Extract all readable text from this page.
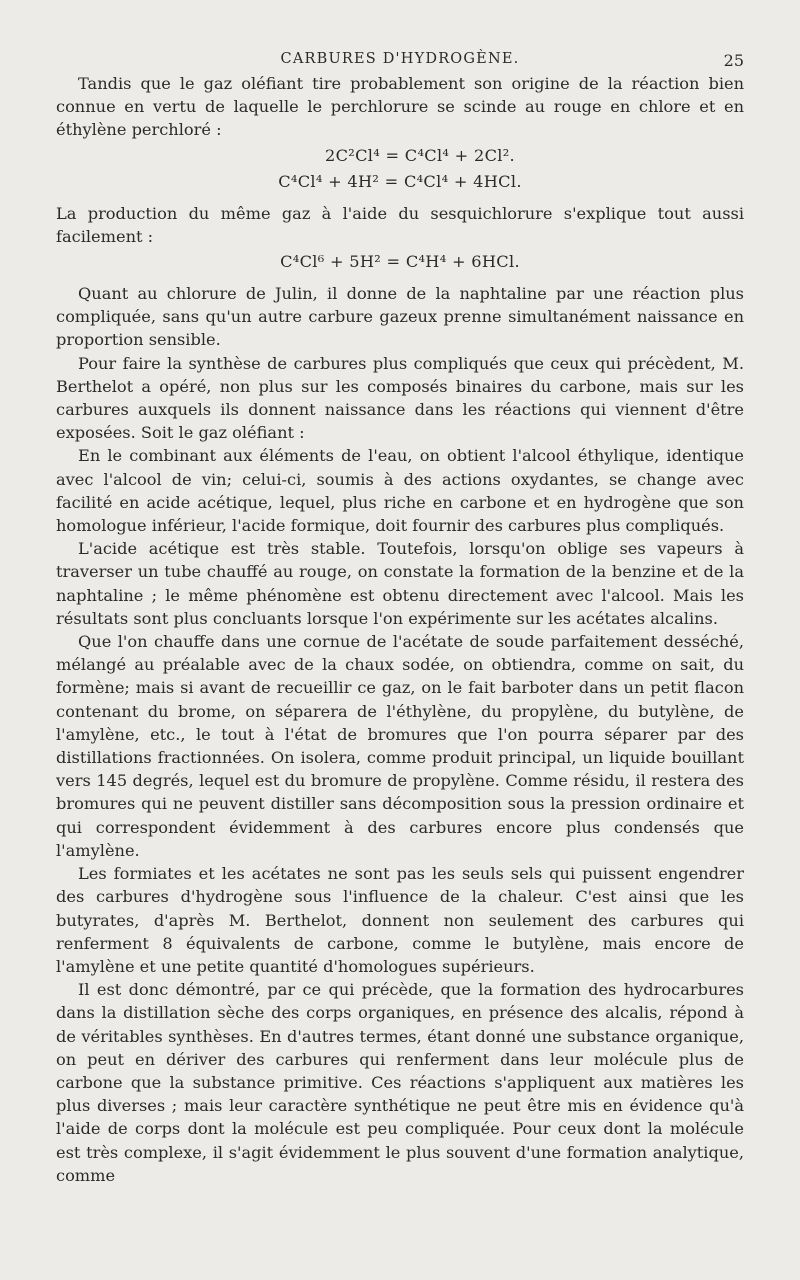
CARBURES D'HYDROGÈNE.	25

Tandis que le gaz oléfiant tire probablement son origine de la réaction bien connue en vertu de laquelle le perchlorure se scinde au rouge en chlore et en éthylène perchloré :

2C²Cl⁴ = C⁴Cl⁴ + 2Cl².
C⁴Cl⁴ + 4H² = C⁴Cl⁴ + 4HCl.

La production du même gaz à l'aide du sesquichlorure s'explique tout aussi facilement :

C⁴Cl⁶ + 5H² = C⁴H⁴ + 6HCl.

Quant au chlorure de Julin, il donne de la naphtaline par une réaction plus compliquée, sans qu'un autre carbure gazeux prenne simultanément naissance en proportion sensible.

Pour faire la synthèse de carbures plus compliqués que ceux qui précèdent, M. Berthelot a opéré, non plus sur les composés binaires du carbone, mais sur les carbures auxquels ils donnent naissance dans les réactions qui viennent d'être exposées. Soit le gaz oléfiant :

En le combinant aux éléments de l'eau, on obtient l'alcool éthylique, identique avec l'alcool de vin; celui-ci, soumis à des actions oxydantes, se change avec facilité en acide acétique, lequel, plus riche en carbone et en hydrogène que son homologue inférieur, l'acide formique, doit fournir des carbures plus compliqués.

L'acide acétique est très stable. Toutefois, lorsqu'on oblige ses vapeurs à traverser un tube chauffé au rouge, on constate la formation de la benzine et de la naphtaline ; le même phénomène est obtenu directement avec l'alcool. Mais les résultats sont plus concluants lorsque l'on expérimente sur les acétates alcalins.

Que l'on chauffe dans une cornue de l'acétate de soude parfaitement desséché, mélangé au préalable avec de la chaux sodée, on obtiendra, comme on sait, du formène; mais si avant de recueillir ce gaz, on le fait barboter dans un petit flacon contenant du brome, on séparera de l'éthylène, du propylène, du butylène, de l'amylène, etc., le tout à l'état de bromures que l'on pourra séparer par des distillations fractionnées. On isolera, comme produit principal, un liquide bouillant vers 145 degrés, lequel est du bromure de propylène. Comme résidu, il restera des bromures qui ne peuvent distiller sans décomposition sous la pression ordinaire et qui correspondent évidemment à des carbures encore plus condensés que l'amylène.

Les formiates et les acétates ne sont pas les seuls sels qui puissent engendrer des carbures d'hydrogène sous l'influence de la chaleur. C'est ainsi que les butyrates, d'après M. Berthelot, donnent non seulement des carbures qui renferment 8 équivalents de carbone, comme le butylène, mais encore de l'amylène et une petite quantité d'homologues supérieurs.

Il est donc démontré, par ce qui précède, que la formation des hydrocarbures dans la distillation sèche des corps organiques, en présence des alcalis, répond à de véritables synthèses. En d'autres termes, étant donné une substance organique, on peut en dériver des carbures qui renferment dans leur molécule plus de carbone que la substance primitive. Ces réactions s'appliquent aux matières les plus diverses ; mais leur caractère synthétique ne peut être mis en évidence qu'à l'aide de corps dont la molécule est peu compliquée. Pour ceux dont la molécule est très complexe, il s'agit évidemment le plus souvent d'une formation analytique, comme
